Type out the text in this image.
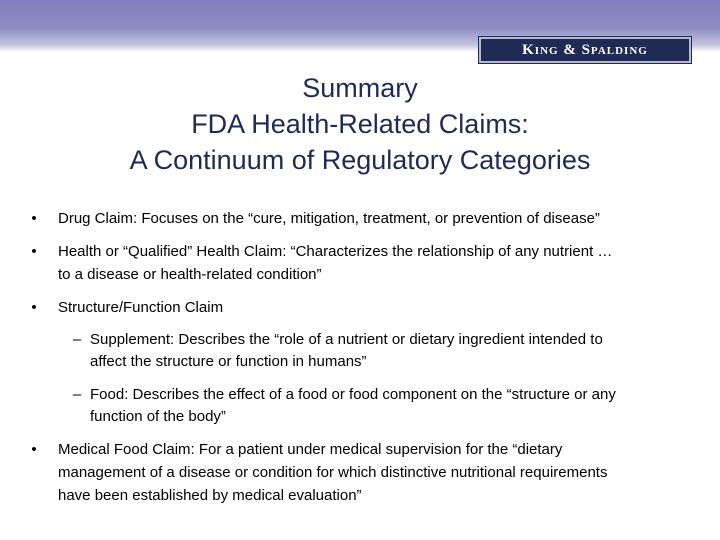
King & Spalding
Summary
FDA Health-Related Claims:
A Continuum of Regulatory Categories
• Drug Claim: Focuses on the “cure, mitigation, treatment, or prevention of disease”
• Health or “Qualified” Health Claim: “Characterizes the relationship of any nutrient …
to a disease or health-related condition”
• Structure/Function Claim
– Supplement: Describes the “role of a nutrient or dietary ingredient intended to
affect the structure or function in humans”
– Food: Describes the effect of a food or food component on the “structure or any
function of the body”
• Medical Food Claim: For a patient under medical supervision for the “dietary
management of a disease or condition for which distinctive nutritional requirements
have been established by medical evaluation”
